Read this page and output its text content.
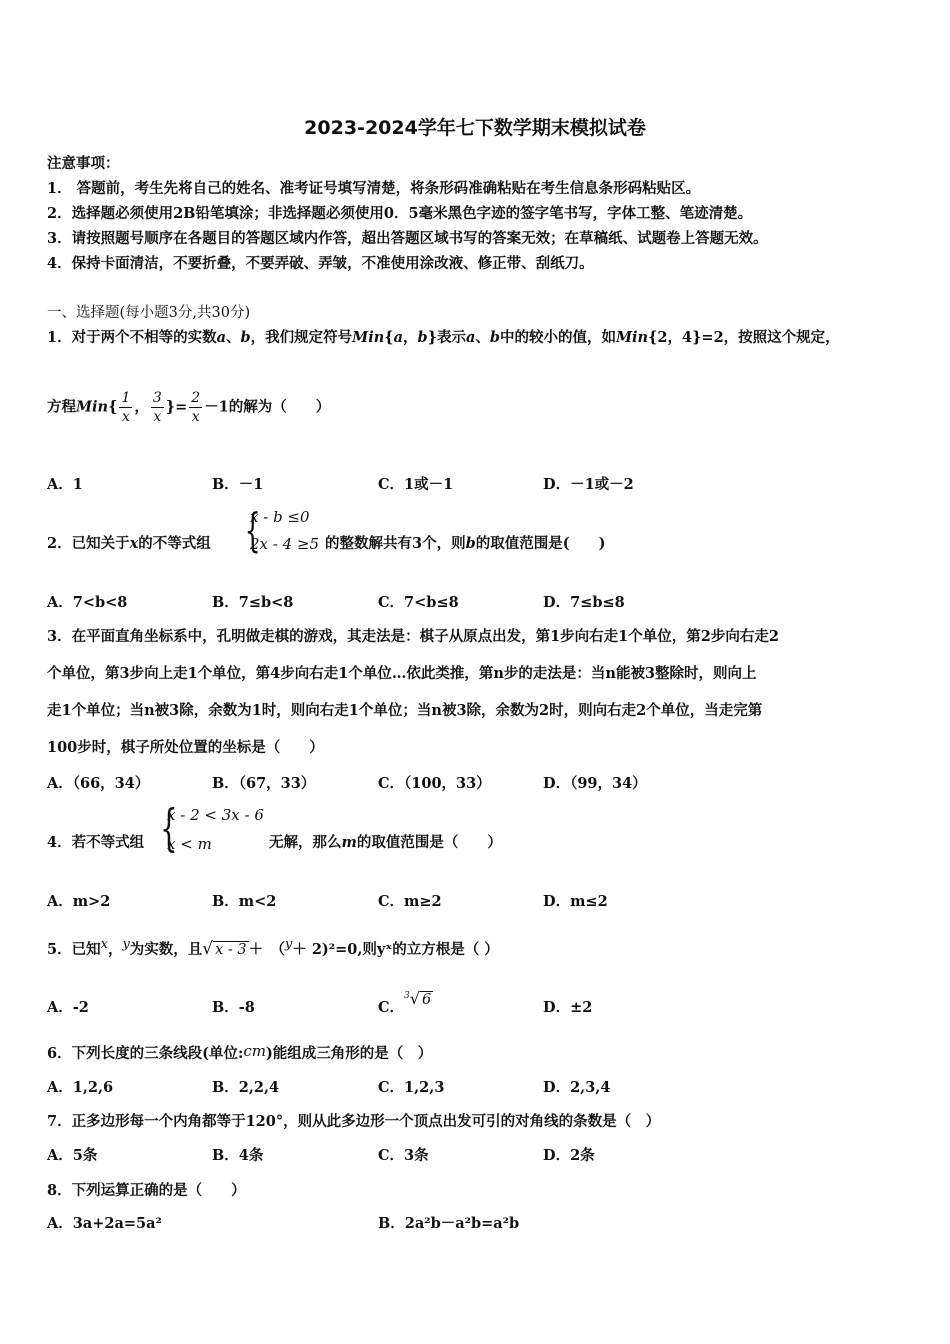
2023-2024学年七下数学期末模拟试卷
注意事项：
1． 答题前，考生先将自己的姓名、准考证号填写清楚，将条形码准确粘贴在考生信息条形码粘贴区。
2．选择题必须使用2B铅笔填涂；非选择题必须使用0．5毫米黑色字迹的签字笔书写，字体工整、笔迹清楚。
3．请按照题号顺序在各题目的答题区域内作答，超出答题区域书写的答案无效；在草稿纸、试题卷上答题无效。
4．保持卡面清洁，不要折叠，不要弄破、弄皱，不准使用涂改液、修正带、刮纸刀。
一、选择题(每小题3分,共30分)
1．对于两个不相等的实数a、b，我们规定符号Min{a，b}表示a、b中的较小的值，如Min{2，4}=2，按照这个规定，
方程$Min\{ \frac{1}{x}$ ， $\frac{3}{x}$ }= $\frac{2}{x} -1$的解为（　　）
A．1	B．－1	C．1或－1	D．－1或－2
2．已知关于x的不等式组 {
x - b ≤0
2x - 4 ≥5 的整数解共有3个，则b的取值范围是(　　)
A．7<b<8	B．7≤b<8	C．7<b≤8	D．7≤b≤8
3．在平面直角坐标系中，孔明做走棋的游戏，其走法是：棋子从原点出发，第1步向右走1个单位，第2步向右走2
个单位，第3步向上走1个单位，第4步向右走1个单位…依此类推，第n步的走法是：当n能被3整除时，则向上
走1个单位；当n被3除，余数为1时，则向右走1个单位；当n被3除，余数为2时，则向右走2个单位，当走完第
100步时，棋子所处位置的坐标是（　　）
A．（66，34）	B．（67，33）	C．（100，33）	D．（99，34）
4．若不等式组 {
x - 2 < 3x - 6
x < m	无解，那么m的取值范围是（　　）
A．m>2	B．m<2	C．m≥2	D．m≤2
5．已知x，y为实数，且√ x - 3 ＋　（y＋ 2)²=0,则yˣ的立方根是（ ）
A．-2	B．-8	C．$^3$√ 6	D．±2
6．下列长度的三条线段(单位:cm)能组成三角形的是（　）
A．1,2,6	B．2,2,4	C．1,2,3	D．2,3,4
7．正多边形每一个内角都等于120°，则从此多边形一个顶点出发可引的对角线的条数是（　）
A．5条	B．4条	C．3条	D．2条
8．下列运算正确的是（　　）
A．3a+2a=5a²	B．2a²b－a²b=a²b
